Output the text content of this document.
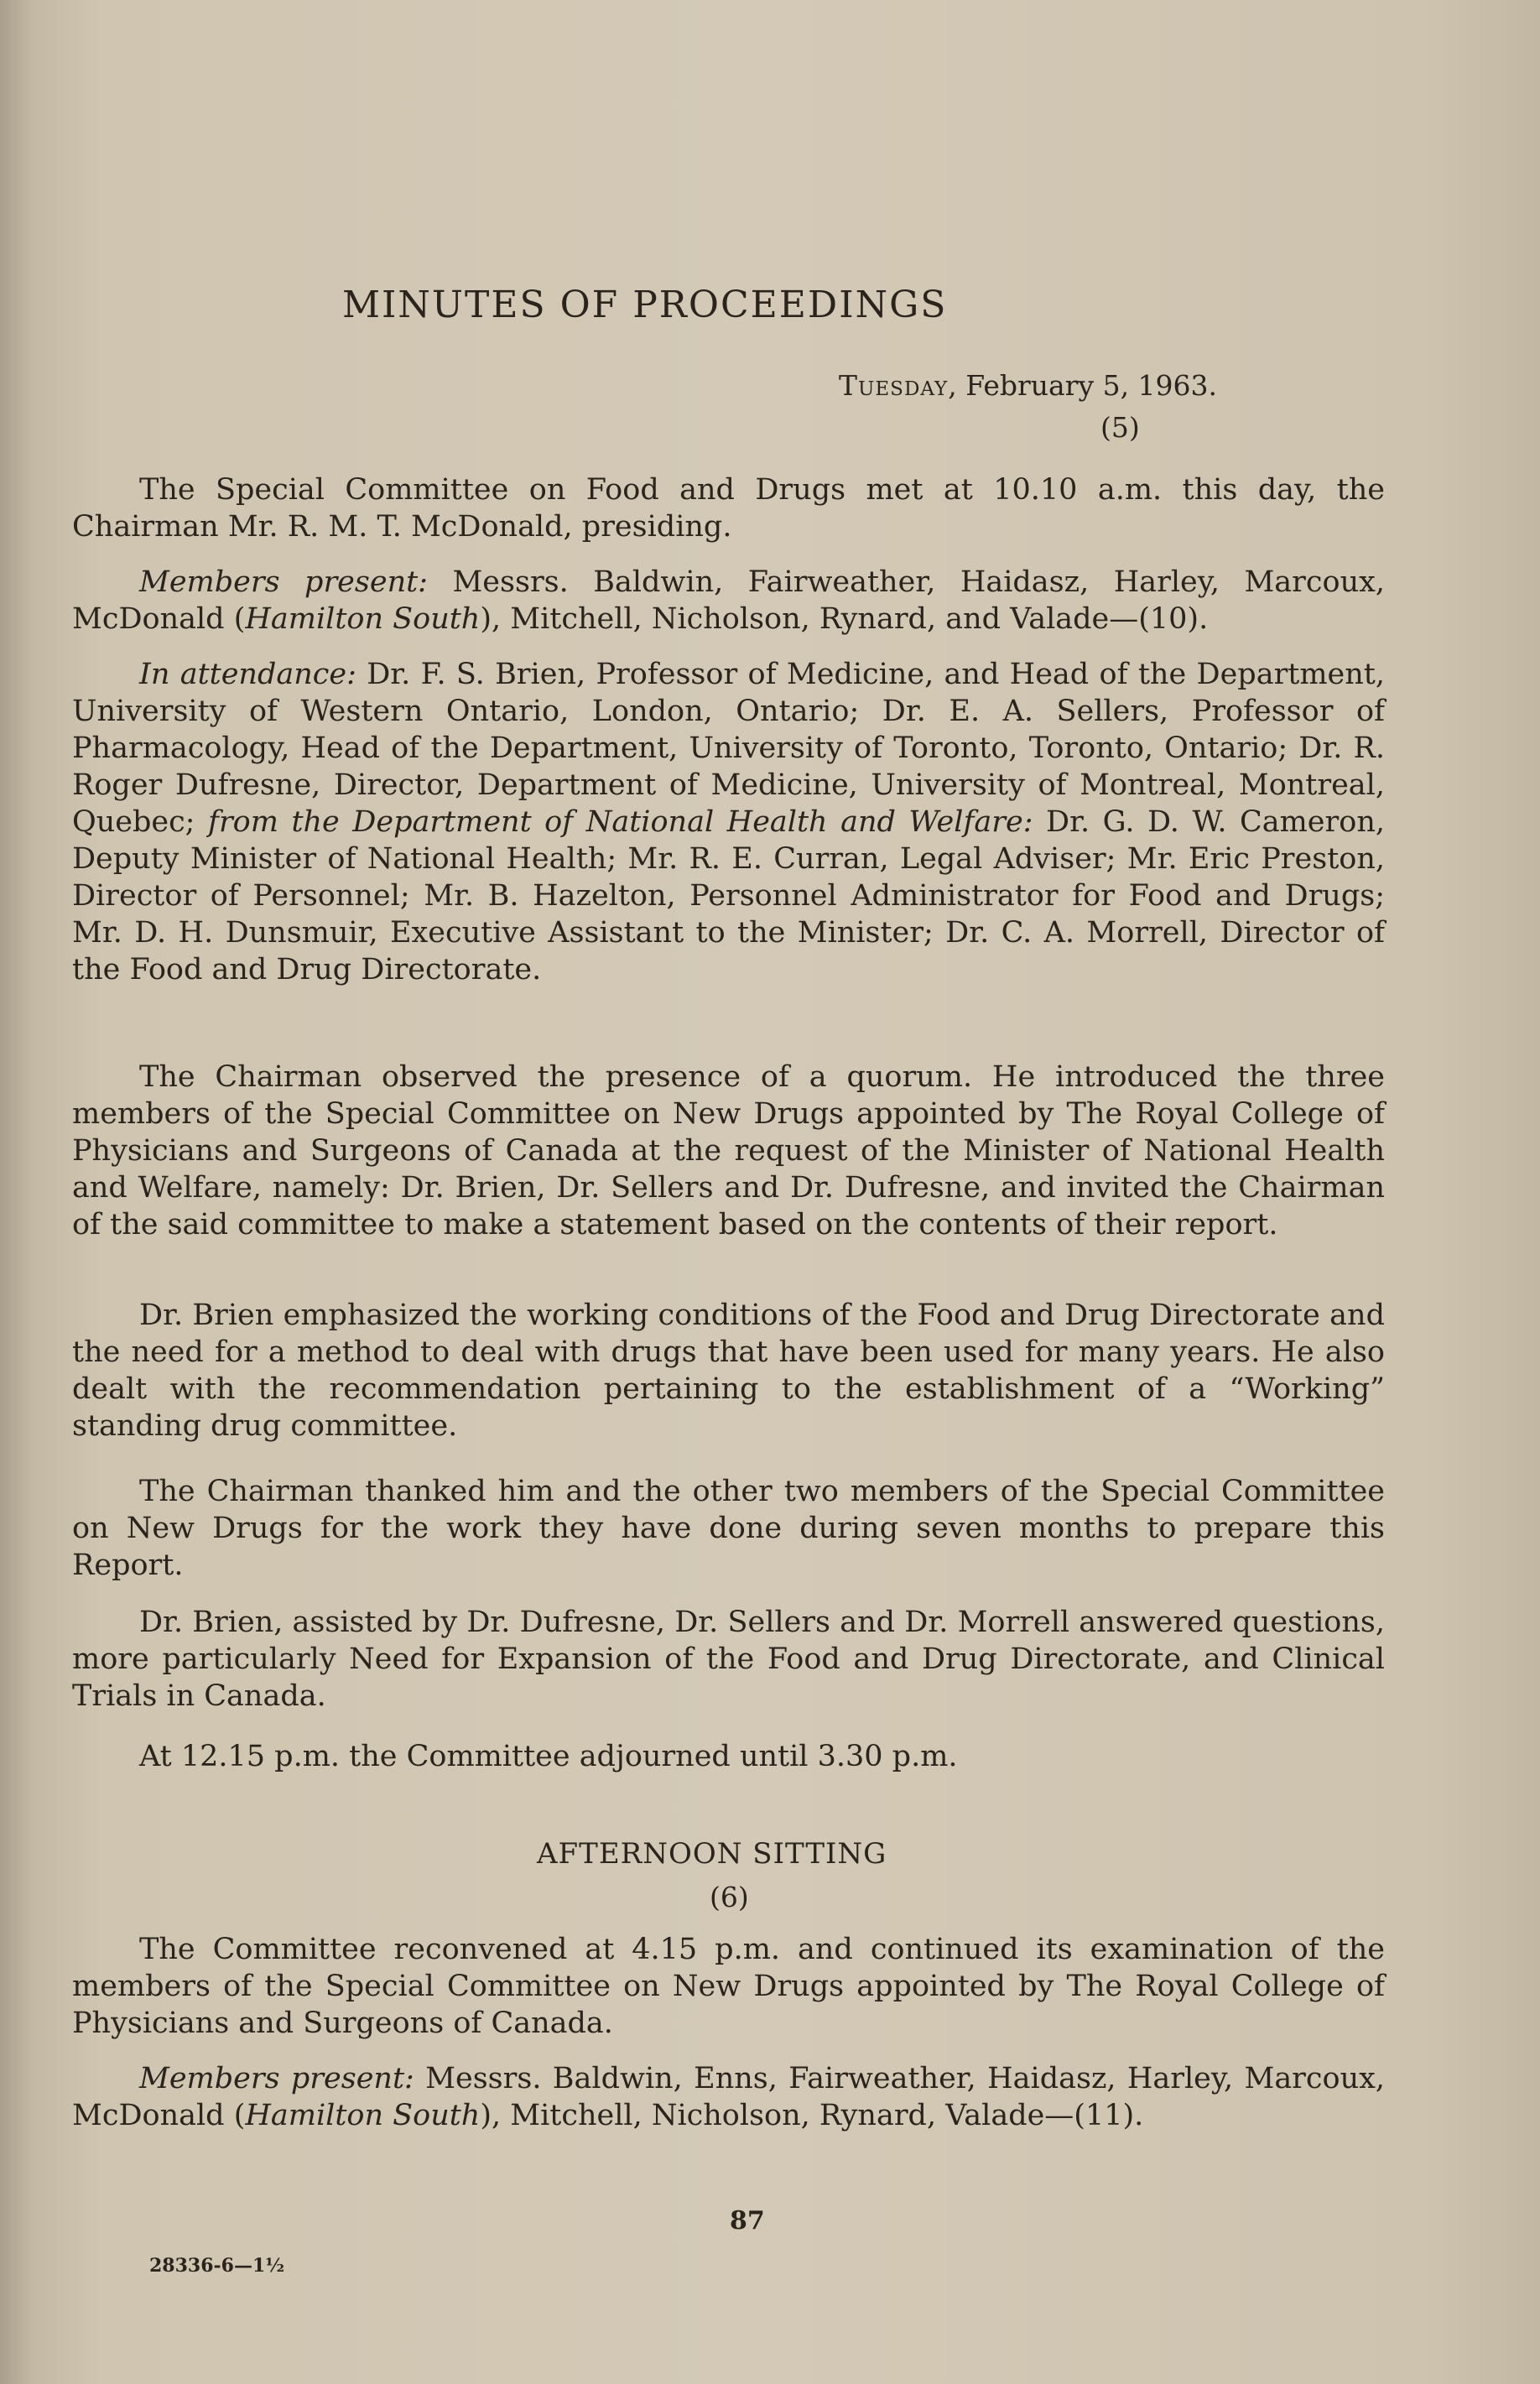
MINUTES OF PROCEEDINGS
Tuesday, February 5, 1963.
(5)

The Special Committee on Food and Drugs met at 10.10 a.m. this day, the Chairman Mr. R. M. T. McDonald, presiding.

Members present: Messrs. Baldwin, Fairweather, Haidasz, Harley, Marcoux, McDonald (Hamilton South), Mitchell, Nicholson, Rynard, and Valade—(10).

In attendance: Dr. F. S. Brien, Professor of Medicine, and Head of the Department, University of Western Ontario, London, Ontario; Dr. E. A. Sellers, Professor of Pharmacology, Head of the Department, University of Toronto, Toronto, Ontario; Dr. R. Roger Dufresne, Director, Department of Medicine, University of Montreal, Montreal, Quebec; from the Department of National Health and Welfare: Dr. G. D. W. Cameron, Deputy Minister of National Health; Mr. R. E. Curran, Legal Adviser; Mr. Eric Preston, Director of Personnel; Mr. B. Hazelton, Personnel Administrator for Food and Drugs; Mr. D. H. Dunsmuir, Executive Assistant to the Minister; Dr. C. A. Morrell, Director of the Food and Drug Directorate.

The Chairman observed the presence of a quorum. He introduced the three members of the Special Committee on New Drugs appointed by The Royal College of Physicians and Surgeons of Canada at the request of the Minister of National Health and Welfare, namely: Dr. Brien, Dr. Sellers and Dr. Dufresne, and invited the Chairman of the said committee to make a statement based on the contents of their report.

Dr. Brien emphasized the working conditions of the Food and Drug Directorate and the need for a method to deal with drugs that have been used for many years. He also dealt with the recommendation pertaining to the establishment of a “Working” standing drug committee.

The Chairman thanked him and the other two members of the Special Committee on New Drugs for the work they have done during seven months to prepare this Report.

Dr. Brien, assisted by Dr. Dufresne, Dr. Sellers and Dr. Morrell answered questions, more particularly Need for Expansion of the Food and Drug Directorate, and Clinical Trials in Canada.

At 12.15 p.m. the Committee adjourned until 3.30 p.m.

AFTERNOON SITTING
(6)

The Committee reconvened at 4.15 p.m. and continued its examination of the members of the Special Committee on New Drugs appointed by The Royal College of Physicians and Surgeons of Canada.

Members present: Messrs. Baldwin, Enns, Fairweather, Haidasz, Harley, Marcoux, McDonald (Hamilton South), Mitchell, Nicholson, Rynard, Valade—(11).

87
28336-6—1½
